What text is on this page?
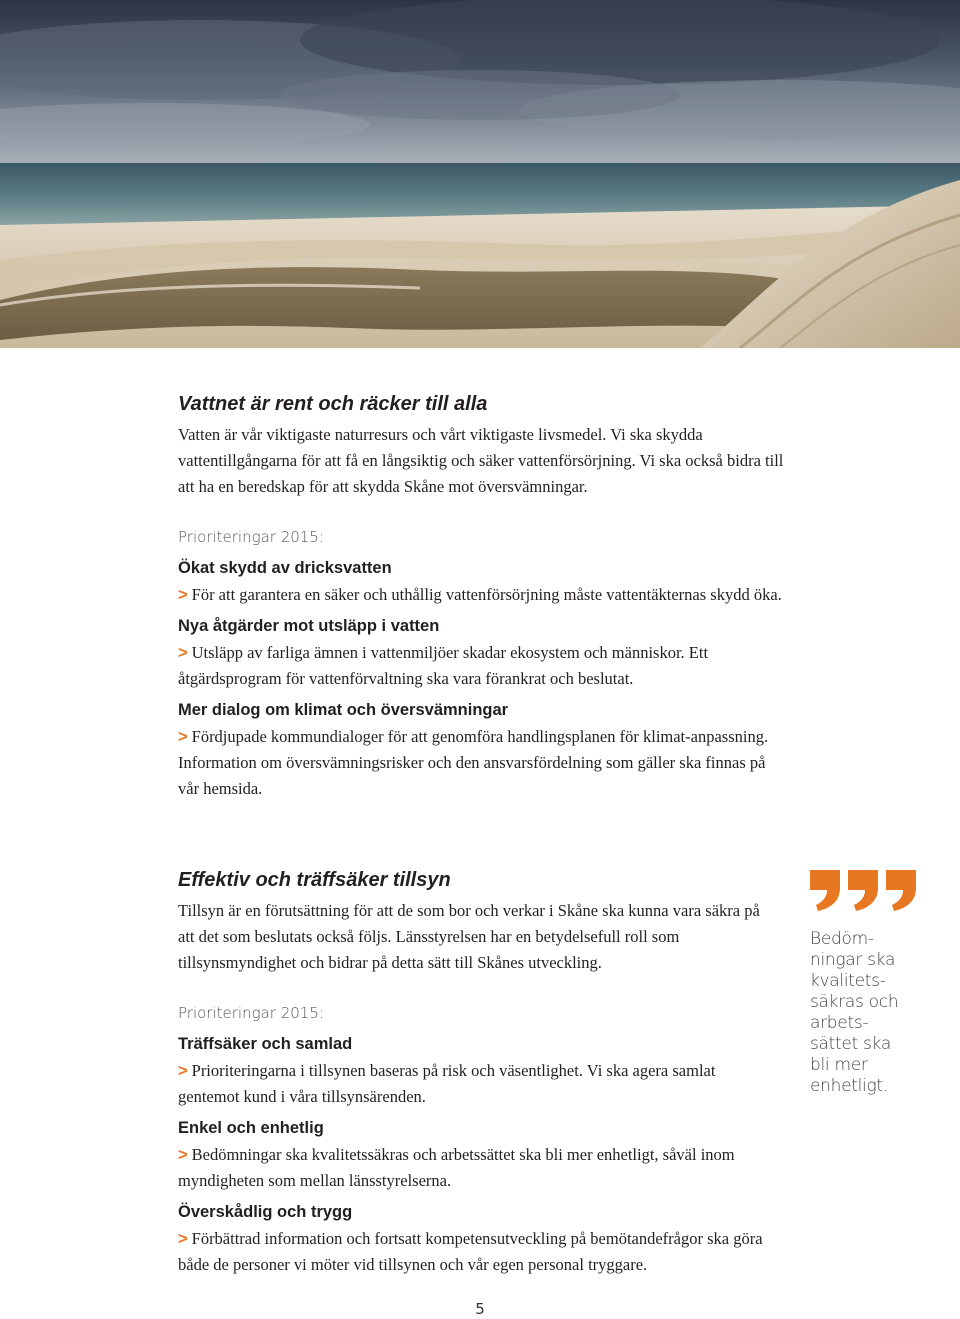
Vattnet är rent och räcker till alla

Vatten är vår viktigaste naturresurs och vårt viktigaste livsmedel. Vi ska skydda vattentillgångarna för att få en långsiktig och säker vattenförsörjning. Vi ska också bidra till att ha en beredskap för att skydda Skåne mot översvämningar.

Prioriteringar 2015:
Ökat skydd av dricksvatten

> För att garantera en säker och uthållig vattenförsörjning måste vattentäkternas skydd öka.

Nya åtgärder mot utsläpp i vatten

> Utsläpp av farliga ämnen i vattenmiljöer skadar ekosystem och människor. Ett åtgärdsprogram för vattenförvaltning ska vara förankrat och beslutat.

Mer dialog om klimat och översvämningar

> Fördjupade kommundialoger för att genomföra handlingsplanen för klimat-anpassning. Information om översvämningsrisker och den ansvarsfördelning som gäller ska finnas på vår hemsida.

Effektiv och träffsäker tillsyn

Tillsyn är en förutsättning för att de som bor och verkar i Skåne ska kunna vara säkra på att det som beslutats också följs. Länsstyrelsen har en betydelsefull roll som tillsynsmyndighet och bidrar på detta sätt till Skånes utveckling.

Prioriteringar 2015:
Träffsäker och samlad

> Prioriteringarna i tillsynen baseras på risk och väsentlighet. Vi ska agera samlat gentemot kund i våra tillsynsärenden.

Enkel och enhetlig

> Bedömningar ska kvalitetssäkras och arbetssättet ska bli mer enhetligt, såväl inom myndigheten som mellan länsstyrelserna.

Överskådlig och trygg

> Förbättrad information och fortsatt kompetensutveckling på bemötandefrågor ska göra både de personer vi möter vid tillsynen och vår egen personal tryggare.

Bedöm-
ningar ska
kvalitets-
säkras och
arbets-
sättet ska
bli mer
enhetligt.
5
